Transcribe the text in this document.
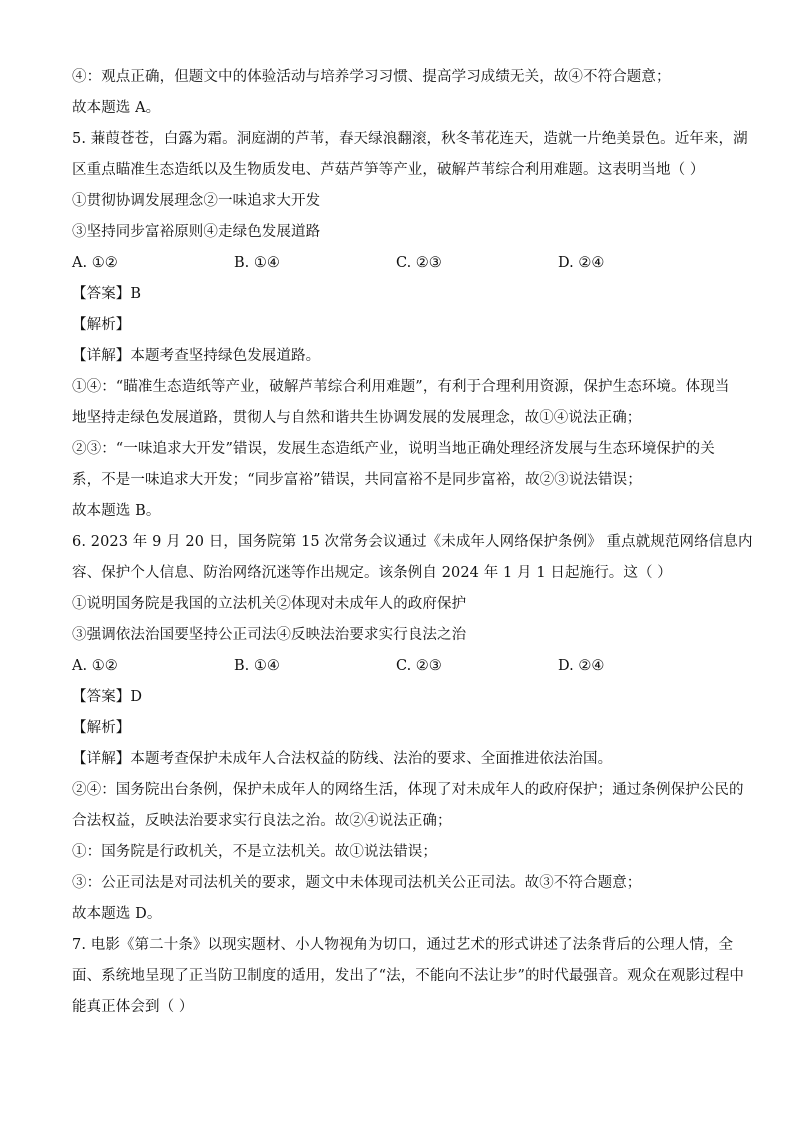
④：观点正确，但题文中的体验活动与培养学习习惯、提高学习成绩无关，故④不符合题意；
故本题选 A。
5. 蒹葭苍苍，白露为霜。洞庭湖的芦苇，春天绿浪翻滚，秋冬苇花连天，造就一片绝美景色。近年来，湖
区重点瞄准生态造纸以及生物质发电、芦菇芦笋等产业，破解芦苇综合利用难题。这表明当地（ ）
①贯彻协调发展理念②一味追求大开发
③坚持同步富裕原则④走绿色发展道路
A. ①②	B. ①④	C. ②③	D. ②④
【答案】B
【解析】
【详解】本题考查坚持绿色发展道路。
①④：“瞄准生态造纸等产业，破解芦苇综合利用难题”，有利于合理利用资源，保护生态环境。体现当
地坚持走绿色发展道路，贯彻人与自然和谐共生协调发展的发展理念，故①④说法正确；
②③：“一味追求大开发”错误，发展生态造纸产业，说明当地正确处理经济发展与生态环境保护的关
系，不是一味追求大开发；“同步富裕”错误，共同富裕不是同步富裕，故②③说法错误；
故本题选 B。
6. 2023 年 9 月 20 日，国务院第 15 次常务会议通过《未成年人网络保护条例》 重点就规范网络信息内
容、保护个人信息、防治网络沉迷等作出规定。该条例自 2024 年 1 月 1 日起施行。这（ ）
①说明国务院是我国的立法机关②体现对未成年人的政府保护
③强调依法治国要坚持公正司法④反映法治要求实行良法之治
A. ①②	B. ①④	C. ②③	D. ②④
【答案】D
【解析】
【详解】本题考查保护未成年人合法权益的防线、法治的要求、全面推进依法治国。
②④：国务院出台条例，保护未成年人的网络生活，体现了对未成年人的政府保护；通过条例保护公民的
合法权益，反映法治要求实行良法之治。故②④说法正确；
①：国务院是行政机关，不是立法机关。故①说法错误；
③：公正司法是对司法机关的要求，题文中未体现司法机关公正司法。故③不符合题意；
故本题选 D。
7. 电影《第二十条》以现实题材、小人物视角为切口，通过艺术的形式讲述了法条背后的公理人情，全
面、系统地呈现了正当防卫制度的适用，发出了“法，不能向不法让步”的时代最强音。观众在观影过程中
能真正体会到（ ）
